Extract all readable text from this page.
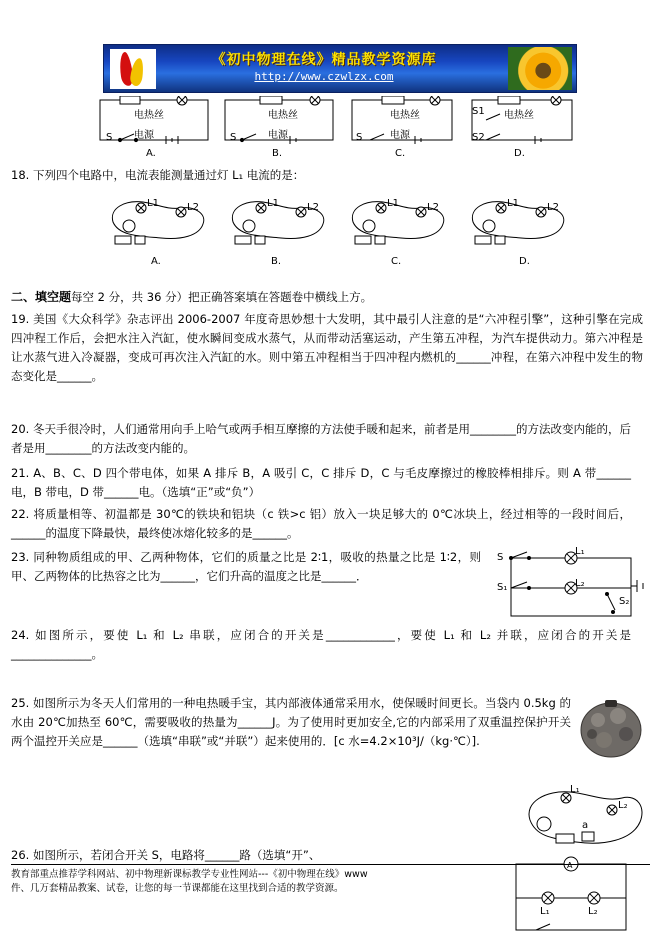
《初中物理在线》精品教学资源库
http://www.czwlzx.com
电热丝
电源
电热丝
电源
电热丝
电源
电热丝
S	S	S
S1
S2
A.	B.	C.	D.
18. 下列四个电路中，电流表能测量通过灯 L₁ 电流的是：
L1	L2	L1	L2	L1	L2	L1	L2
A.	B.	C.	D.
二、填空题每空 2 分，共 36 分）把正确答案填在答题卷中横线上方。
19. 美国《大众科学》杂志评出 2006-2007 年度奇思妙想十大发明，其中最引人注意的是“六冲程引擎”，这种引擎在完成四冲程工作后，会把水注入汽缸，使水瞬间变成水蒸气，从而带动活塞运动，产生第五冲程，为汽车提供动力。第六冲程是让水蒸气进入冷凝器，变成可再次注入汽缸的水。则中第五冲程相当于四冲程内燃机的______冲程，在第六冲程中发生的物态变化是______。
20. 冬天手很冷时，人们通常用向手上哈气或两手相互摩擦的方法使手暖和起来，前者是用________的方法改变内能的，后者是用________的方法改变内能的。
21. A、B、C、D 四个带电体，如果 A 排斥 B，A 吸引 C，C 排斥 D，C 与毛皮摩擦过的橡胶棒相排斥。则 A 带______电，B 带电，D 带______电。（选填“正”或“负”）
22. 将质量相等、初温都是 30℃的铁块和铝块（c 铁>c 铝）放入一块足够大的 0℃冰块上，经过相等的一段时间后，______的温度下降最快，最终使冰熔化较多的是______。
23. 同种物质组成的甲、乙两种物体，它们的质量之比是 2∶1，吸收的热量之比是 1∶2，则甲、乙两物体的比热容之比为______，它们升高的温度之比是______．
L₁
L₂
S
S₁
S₂
24. 如图所示，要使 L₁ 和 L₂ 串联，应闭合的开关是____________，要使 L₁ 和 L₂ 并联，应闭合的开关是______________。
25. 如图所示为冬天人们常用的一种电热暖手宝，其内部液体通常采用水，使保暖时间更长。当袋内 0.5kg 的水由 20℃加热至 60℃，需要吸收的热量为______J。为了使用时更加安全,它的内部采用了双重温控保护开关两个温控开关应是______（选填“串联”或“并联”）起来使用的．[c 水=4.2×10³J/（kg·℃）].
L₁
L₂
a
26. 如图所示，若闭合开关 S，电路将______路（选填“开”、
A
L₁	L₂
教育部重点推荐学科网站、初中物理新课标教学专业性网站---《初中物理在线》www
件、几万套精品教案、试卷，让您的每一节课都能在这里找到合适的教学资源。
